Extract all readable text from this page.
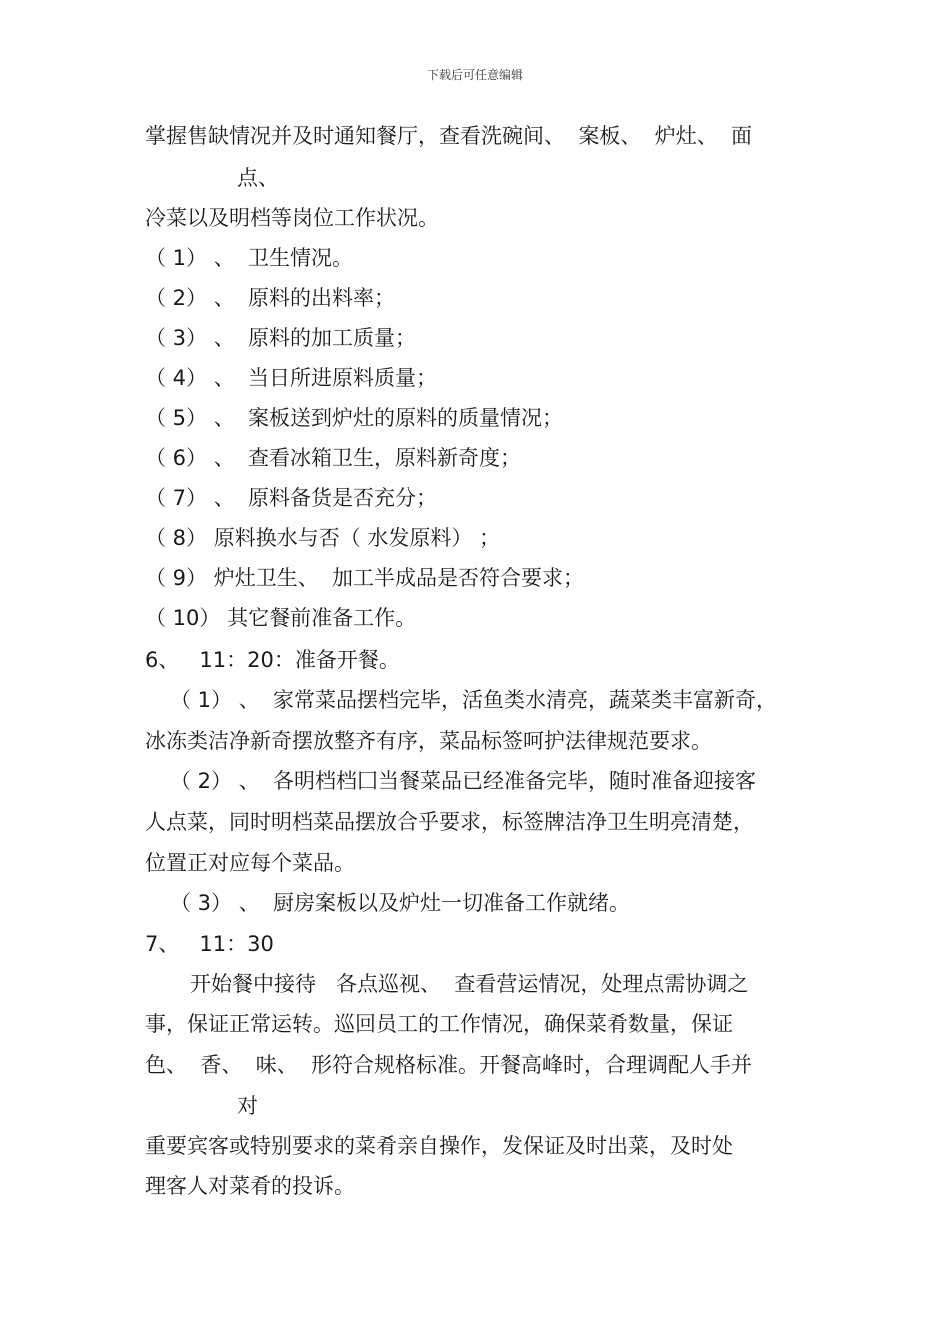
下载后可任意编辑
掌握售缺情况并及时通知餐厅，查看洗碗间、  案板、  炉灶、  面
点、
冷菜以及明档等岗位工作状况。
（ 1） 、  卫生情况。
（ 2） 、  原料的出料率；
（ 3） 、  原料的加工质量；
（ 4） 、  当日所进原料质量；
（ 5） 、  案板送到炉灶的原料的质量情况；
（ 6） 、  查看冰箱卫生，原料新奇度；
（ 7） 、  原料备货是否充分；
（ 8） 原料换水与否（ 水发原料） ；
（ 9） 炉灶卫生、  加工半成品是否符合要求；
（ 10） 其它餐前准备工作。
6、   11：20：准备开餐。
（ 1） 、  家常菜品摆档完毕，活鱼类水清亮，蔬菜类丰富新奇，
冰冻类洁净新奇摆放整齐有序，菜品标签呵护法律规范要求。
（ 2） 、  各明档档囗当餐菜品已经准备完毕，随时准备迎接客
人点菜，同时明档菜品摆放合乎要求，标签牌洁净卫生明亮清楚，
位置正对应每个菜品。
（ 3） 、  厨房案板以及炉灶一切准备工作就绪。
7、   11：30
开始餐中接待   各点巡视、  查看营运情况，处理点需协调之
事，保证正常运转。巡回员工的工作情况，确保菜肴数量，保证
色、  香、  味、  形符合规格标准。开餐高峰时，合理调配人手并
对
重要宾客或特别要求的菜肴亲自操作，发保证及时出菜，及时处
理客人对菜肴的投诉。
